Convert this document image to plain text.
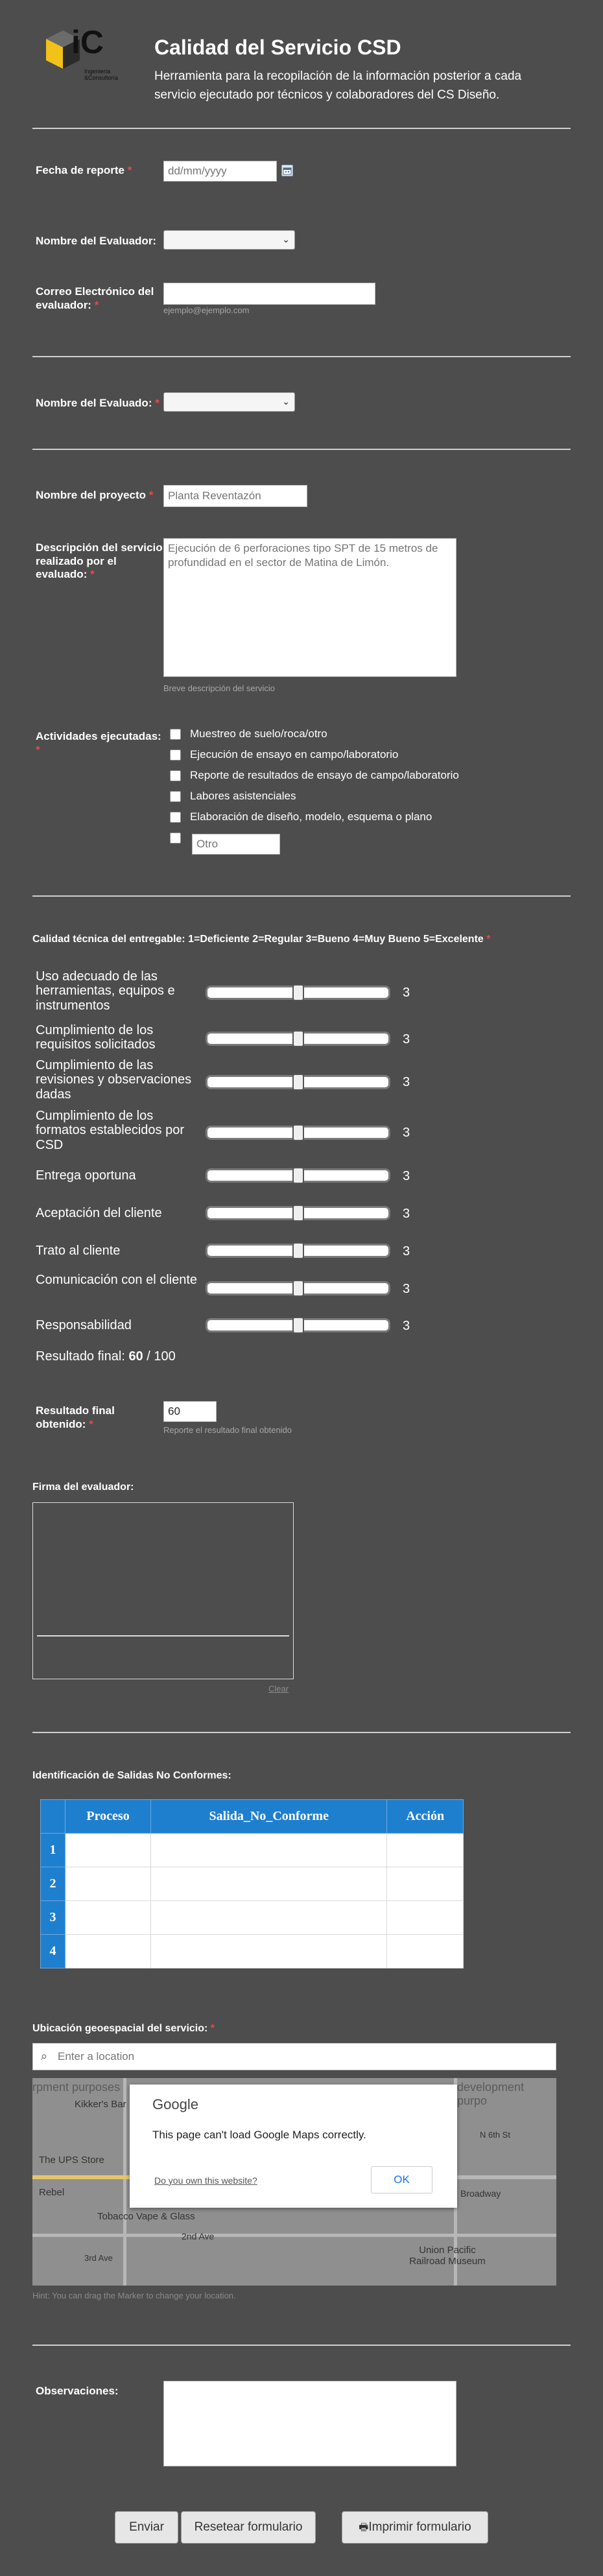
iC
Ingeniería &Consultoría
Calidad del Servicio CSD
Herramienta para la recopilación de la información posterior a cada servicio ejecutado por técnicos y colaboradores del CS Diseño.
Fecha de reporte *
dd/mm/yyyy
Nombre del Evaluador:	⌄
Correo Electrónico del evaluador: *	ejemplo@ejemplo.com
Nombre del Evaluado: *	⌄
Nombre del proyecto *
Planta Reventazón
Descripción del servicio realizado por el evaluado: *
Ejecución de 6 perforaciones tipo SPT de 15 metros de profundidad en el sector de Matina de Limón.
Breve descripción del servicio
Actividades ejecutadas: *
Muestreo de suelo/roca/otro
Ejecución de ensayo en campo/laboratorio
Reporte de resultados de ensayo de campo/laboratorio
Labores asistenciales
Elaboración de diseño, modelo, esquema o plano
Otro
Calidad técnica del entregable: 1=Deficiente 2=Regular 3=Bueno 4=Muy Bueno 5=Excelente *
Uso adecuado de las herramientas, equipos e instrumentos
3
Cumplimiento de los requisitos solicitados	3
Cumplimiento de las revisiones y observaciones dadas
3
Cumplimiento de los formatos establecidos por CSD
3
Entrega oportuna	3
Aceptación del cliente	3
Trato al cliente	3
Comunicación con el cliente
3
Responsabilidad	3
Resultado final: 60 / 100
Resultado final obtenido: *
60	Reporte el resultado final obtenido
Firma del evaluador:
Clear
Identificación de Salidas No Conformes:
	Proceso	Salida_No_Conforme	Acción
1			
2			
3			
4			
Ubicación geoespacial del servicio: *
⌕
Enter a location
rpment purposes	development purpo
Kikker's Bar
The UPS Store
Rebel
Tobacco Vape & Glass
2nd Ave
3rd Ave
N 6th St
Broadway
Union Pacific Railroad Museum
Google
This page can't load Google Maps correctly.
Do you own this website?	OK
Hint: You can drag the Marker to change your location.
Observaciones:
Enviar	Resetear formulario	🖶Imprimir formulario
